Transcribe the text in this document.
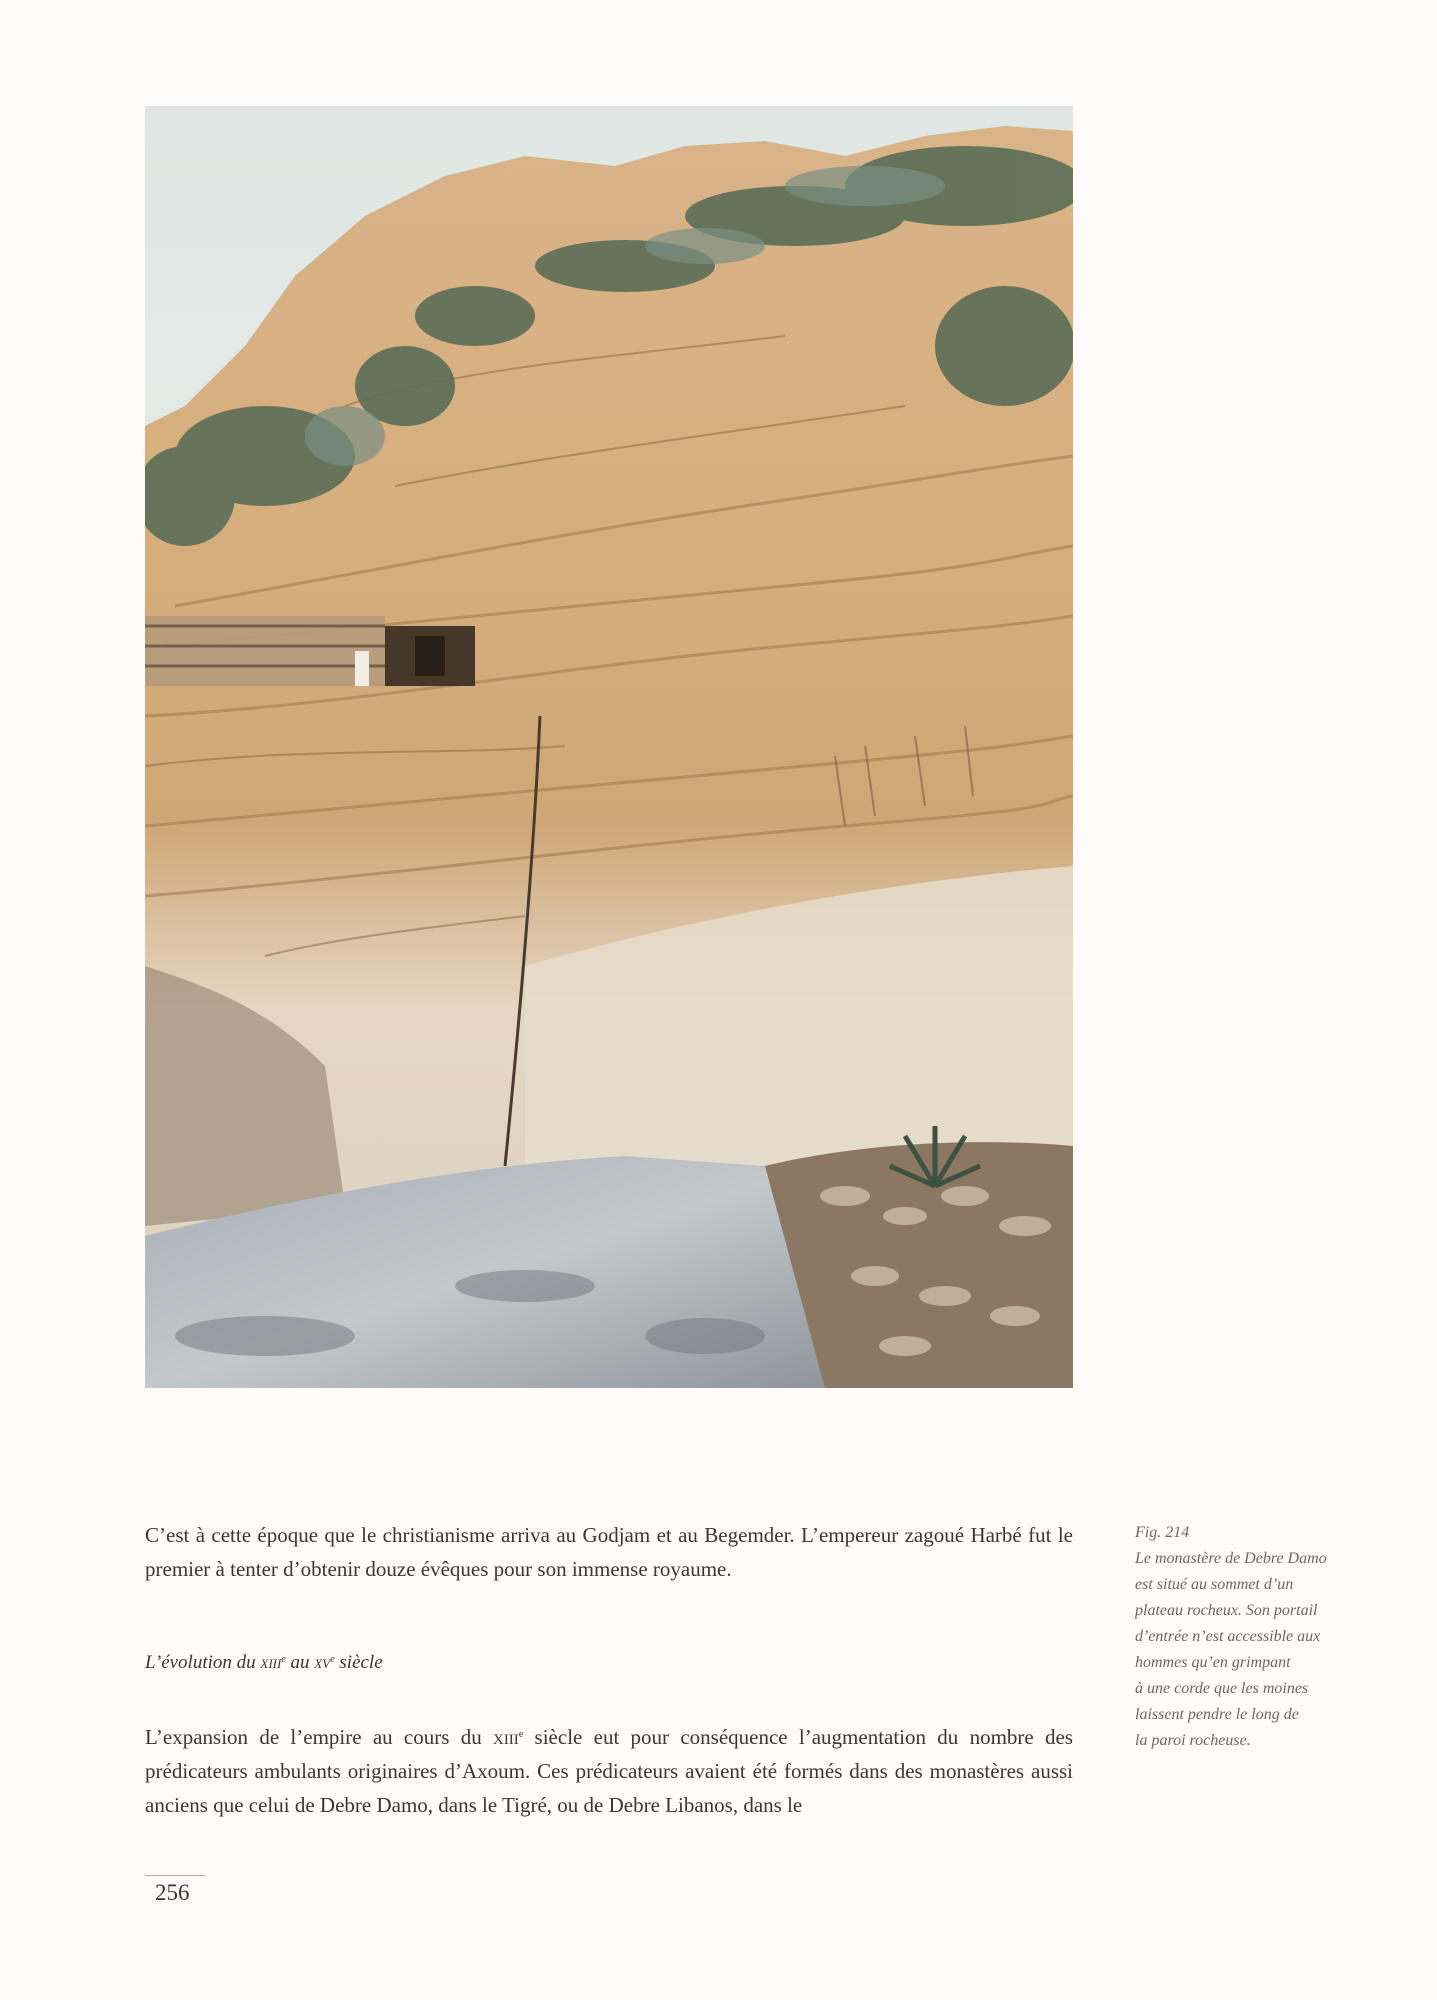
C’est à cette époque que le christianisme arriva au Godjam et au Begemder. L’empereur zagoué Harbé fut le premier à tenter d’obtenir douze évêques pour son immense royaume.
L’évolution du xiii$^e$ au $xv^e$ siècle
L’expansion de l’empire au cours du xiii$^e$ siècle eut pour conséquence l’augmentation du nombre des prédicateurs ambulants originaires d’Axoum. Ces prédicateurs avaient été formés dans des monastères aussi anciens que celui de Debre Damo, dans le Tigré, ou de Debre Libanos, dans le
Fig. 214
Le monastère de Debre Damo
est situé au sommet d’un
plateau rocheux. Son portail
d’entrée n’est accessible aux
hommes qu’en grimpant
à une corde que les moines
laissent pendre le long de
la paroi rocheuse.
256
